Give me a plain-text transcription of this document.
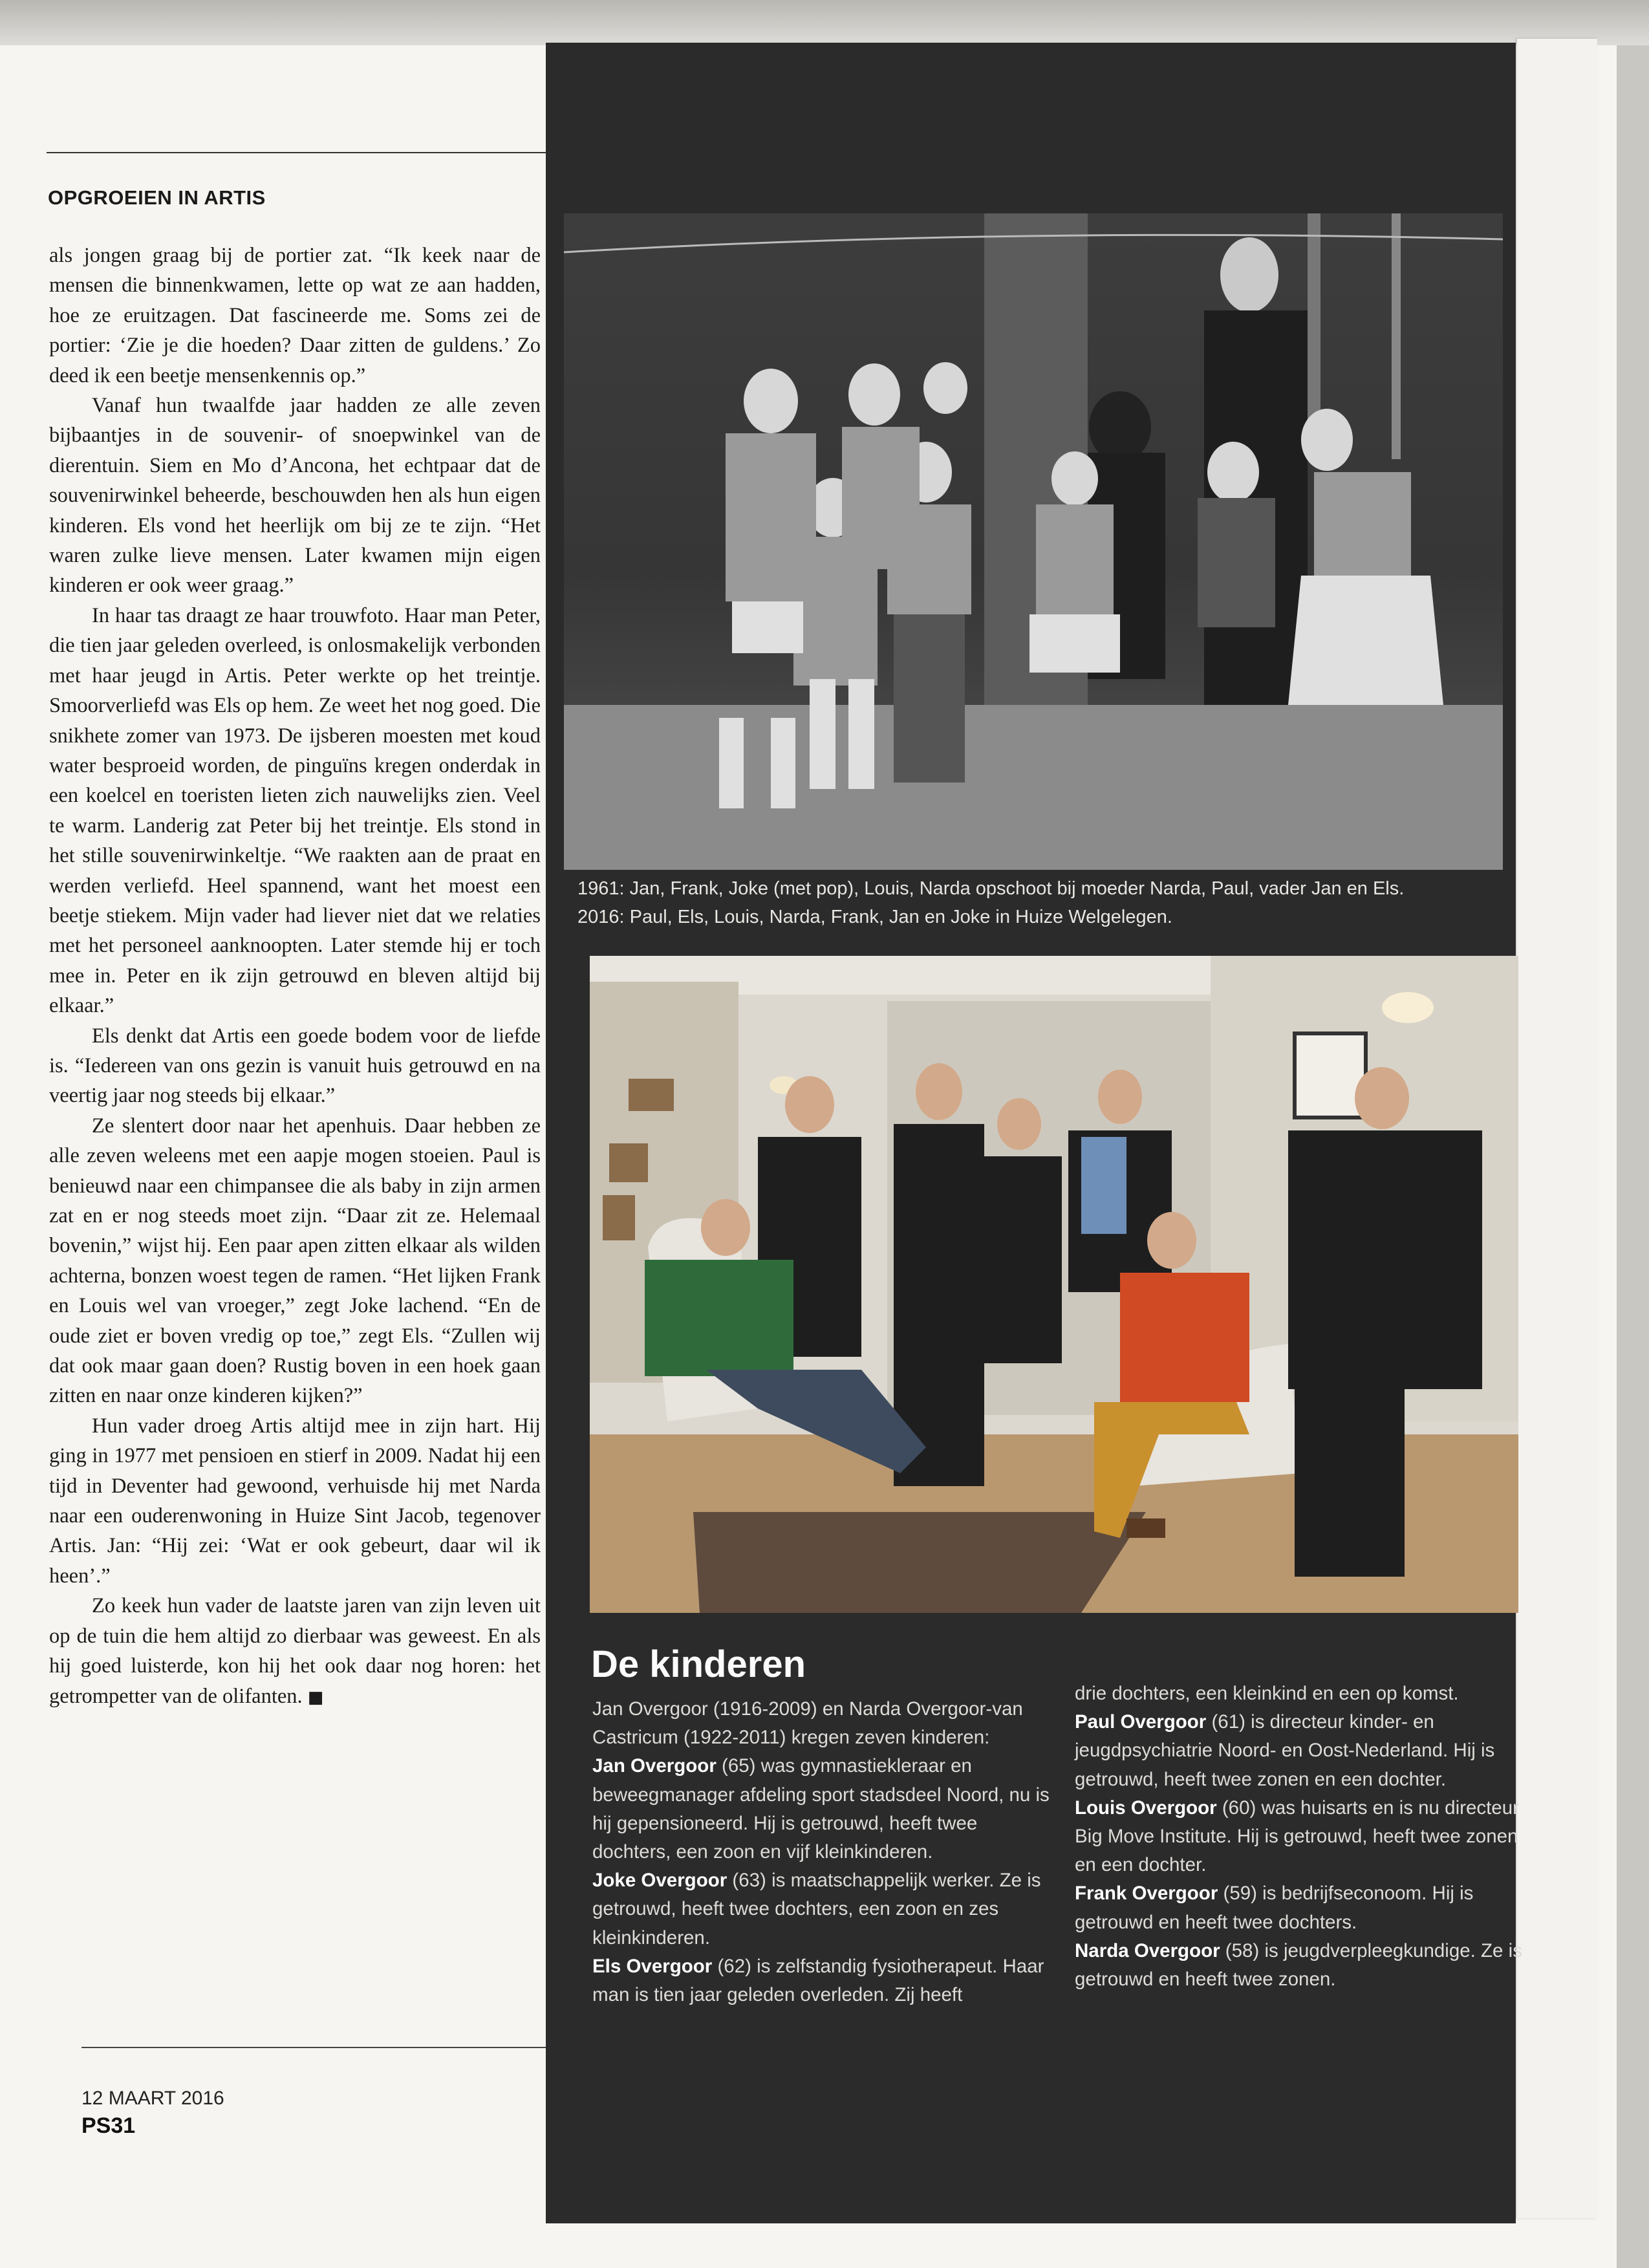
OPGROEIEN IN ARTIS

als jongen graag bij de portier zat. “Ik keek naar de mensen die binnenkwamen, lette op wat ze aan hadden, hoe ze eruitzagen. Dat fascineerde me. Soms zei de portier: ‘Zie je die hoeden? Daar zitten de guldens.’ Zo deed ik een beetje mensenkennis op.”

Vanaf hun twaalfde jaar hadden ze alle zeven bijbaantjes in de souvenir- of snoepwinkel van de dierentuin. Siem en Mo d’Ancona, het echtpaar dat de souvenirwinkel beheerde, beschouwden hen als hun eigen kinderen. Els vond het heerlijk om bij ze te zijn. “Het waren zulke lieve mensen. Later kwamen mijn eigen kinderen er ook weer graag.”

In haar tas draagt ze haar trouwfoto. Haar man Peter, die tien jaar geleden overleed, is onlosmakelijk verbonden met haar jeugd in Artis. Peter werkte op het treintje. Smoorverliefd was Els op hem. Ze weet het nog goed. Die snikhete zomer van 1973. De ijsberen moesten met koud water besproeid worden, de pinguïns kregen onderdak in een koelcel en toeristen lieten zich nauwelijks zien. Veel te warm. Landerig zat Peter bij het treintje. Els stond in het stille souvenirwinkeltje. “We raakten aan de praat en werden verliefd. Heel spannend, want het moest een beetje stiekem. Mijn vader had liever niet dat we relaties met het personeel aanknoopten. Later stemde hij er toch mee in. Peter en ik zijn getrouwd en bleven altijd bij elkaar.”

Els denkt dat Artis een goede bodem voor de liefde is. “Iedereen van ons gezin is vanuit huis getrouwd en na veertig jaar nog steeds bij elkaar.”

Ze slentert door naar het apenhuis. Daar hebben ze alle zeven weleens met een aapje mogen stoeien. Paul is benieuwd naar een chimpansee die als baby in zijn armen zat en er nog steeds moet zijn. “Daar zit ze. Helemaal bovenin,” wijst hij. Een paar apen zitten elkaar als wilden achterna, bonzen woest tegen de ramen. “Het lijken Frank en Louis wel van vroeger,” zegt Joke lachend. “En de oude ziet er boven vredig op toe,” zegt Els. “Zullen wij dat ook maar gaan doen? Rustig boven in een hoek gaan zitten en naar onze kinderen kijken?”

Hun vader droeg Artis altijd mee in zijn hart. Hij ging in 1977 met pensioen en stierf in 2009. Nadat hij een tijd in Deventer had gewoond, verhuisde hij met Narda naar een ouderenwoning in Huize Sint Jacob, tegenover Artis. Jan: “Hij zei: ‘Wat er ook gebeurt, daar wil ik heen’.”

Zo keek hun vader de laatste jaren van zijn leven uit op de tuin die hem altijd zo dierbaar was geweest. En als hij goed luisterde, kon hij het ook daar nog horen: het getrompetter van de olifanten. ■

12 MAART 2016
PS31
1961: Jan, Frank, Joke (met pop), Louis, Narda opschoot bij moeder Narda, Paul, vader Jan en Els.
2016: Paul, Els, Louis, Narda, Frank, Jan en Joke in Huize Welgelegen.
De kinderen

Jan Overgoor (1916-2009) en Narda Overgoor-van Castricum (1922-2011) kregen zeven kinderen:

Jan Overgoor (65) was gymnastiekleraar en beweegmanager afdeling sport stadsdeel Noord, nu is hij gepensioneerd. Hij is getrouwd, heeft twee dochters, een zoon en vijf kleinkinderen.

Joke Overgoor (63) is maatschappelijk werker. Ze is getrouwd, heeft twee dochters, een zoon en zes kleinkinderen.

Els Overgoor (62) is zelfstandig fysiotherapeut. Haar man is tien jaar geleden overleden. Zij heeft

drie dochters, een kleinkind en een op komst.

Paul Overgoor (61) is directeur kinder- en jeugdpsychiatrie Noord- en Oost-Nederland. Hij is getrouwd, heeft twee zonen en een dochter.

Louis Overgoor (60) was huisarts en is nu directeur Big Move Institute. Hij is getrouwd, heeft twee zonen en een dochter.

Frank Overgoor (59) is bedrijfseconoom. Hij is getrouwd en heeft twee dochters.

Narda Overgoor (58) is jeugdverpleegkundige. Ze is getrouwd en heeft twee zonen.
